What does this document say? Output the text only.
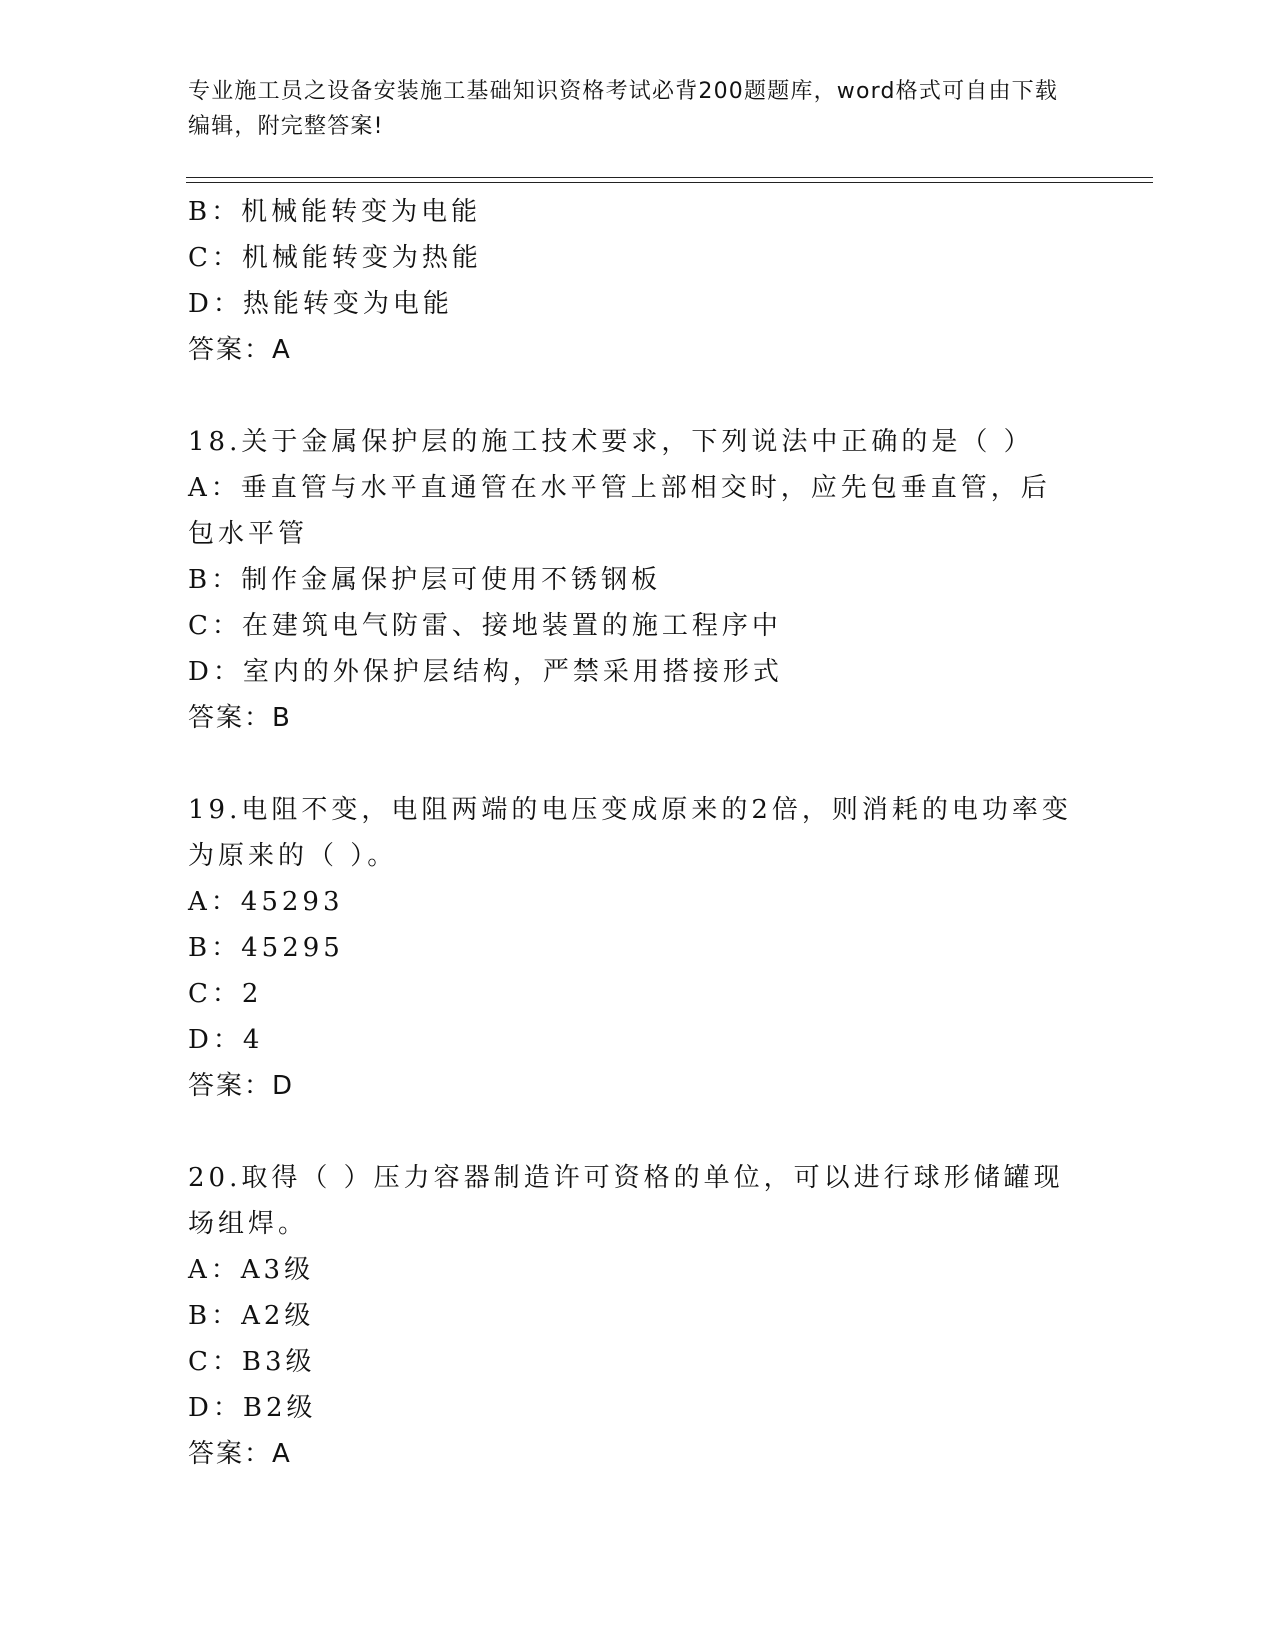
专业施工员之设备安装施工基础知识资格考试必背200题题库，word格式可自由下载编辑，附完整答案!
B：机械能转变为电能
C：机械能转变为热能
D：热能转变为电能
答案：A
18.关于金属保护层的施工技术要求，下列说法中正确的是（ ）
A：垂直管与水平直通管在水平管上部相交时，应先包垂直管，后包水平管
B：制作金属保护层可使用不锈钢板
C：在建筑电气防雷、接地装置的施工程序中
D：室内的外保护层结构，严禁采用搭接形式
答案：B
19.电阻不变，电阻两端的电压变成原来的2倍，则消耗的电功率变为原来的（ ）。
A：45293
B：45295
C：2
D：4
答案：D
20.取得（ ）压力容器制造许可资格的单位，可以进行球形储罐现场组焊。
A：A3级
B：A2级
C：B3级
D：B2级
答案：A
